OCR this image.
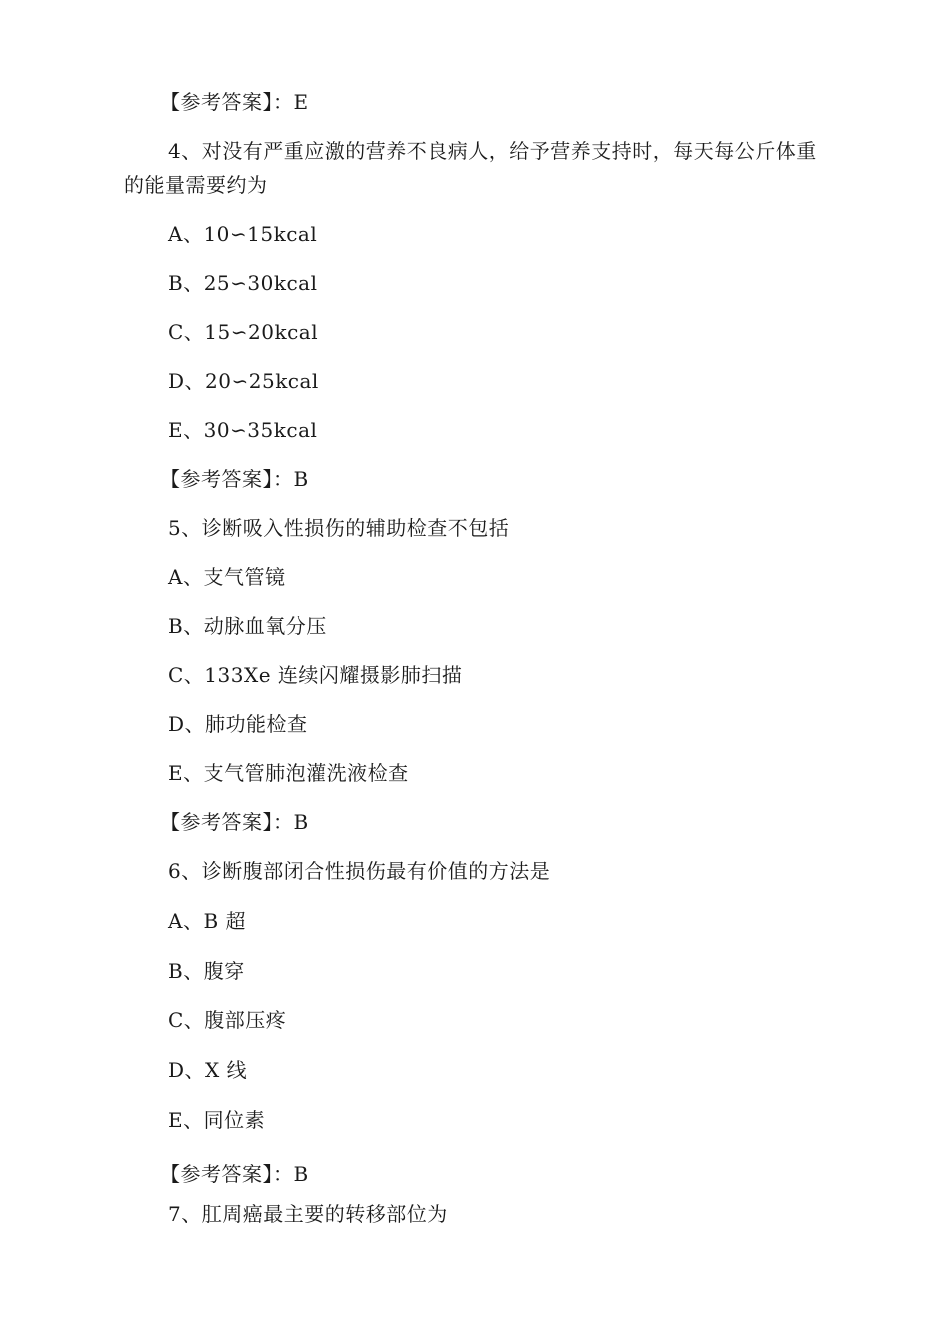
【参考答案】：E
4、对没有严重应激的营养不良病人，给予营养支持时，每天每公斤体重
的能量需要约为
A、10∽15kcal
B、25∽30kcal
C、15∽20kcal
D、20∽25kcal
E、30∽35kcal
【参考答案】：B
5、诊断吸入性损伤的辅助检查不包括
A、支气管镜
B、动脉血氧分压
C、133Xe 连续闪耀摄影肺扫描
D、肺功能检查
E、支气管肺泡灌洗液检查
【参考答案】：B
6、诊断腹部闭合性损伤最有价值的方法是
A、B 超
B、腹穿
C、腹部压疼
D、X 线
E、同位素
【参考答案】：B
7、肛周癌最主要的转移部位为
